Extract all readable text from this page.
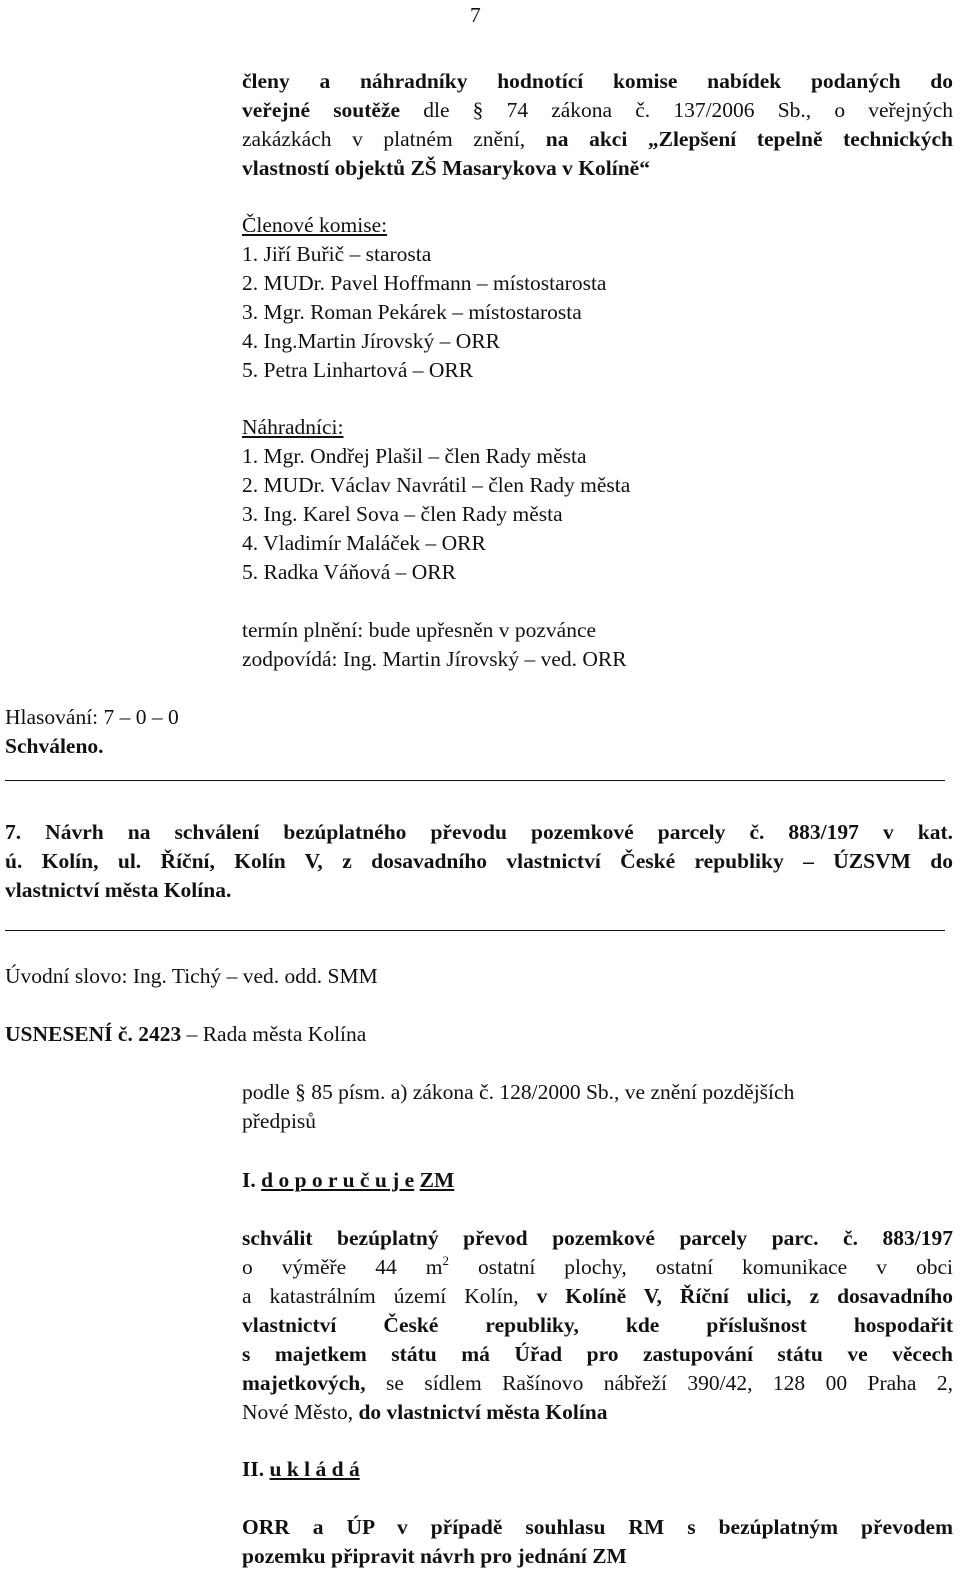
7

členy a náhradníky hodnotící komise nabídek podaných do

veřejné soutěže dle § 74 zákona č. 137/2006 Sb., o veřejných

zakázkách v platném znění, na akci „Zlepšení tepelně technických

vlastností objektů ZŠ Masarykova v Kolíně“

Členové komise:

1. Jiří Buřič – starosta

2. MUDr. Pavel Hoffmann – místostarosta

3. Mgr. Roman Pekárek – místostarosta

4. Ing.Martin Jírovský – ORR

5. Petra Linhartová – ORR

Náhradníci:

1. Mgr. Ondřej Plašil – člen Rady města

2. MUDr. Václav Navrátil – člen Rady města

3. Ing. Karel Sova – člen Rady města

4. Vladimír Maláček – ORR

5. Radka Váňová – ORR

termín plnění: bude upřesněn v pozvánce

zodpovídá: Ing. Martin Jírovský – ved. ORR

Hlasování: 7 – 0 – 0

Schváleno.

7. Návrh na schválení bezúplatného převodu pozemkové parcely č. 883/197 v kat.

ú. Kolín, ul. Říční, Kolín V, z dosavadního vlastnictví České republiky – ÚZSVM do

vlastnictví města Kolína.

Úvodní slovo: Ing. Tichý – ved. odd. SMM

USNESENÍ č. 2423 – Rada města Kolína

podle § 85 písm. a) zákona č. 128/2000 Sb., ve znění pozdějších

předpisů

I. d o p o r u č u j e ZM

schválit bezúplatný převod pozemkové parcely parc. č. 883/197

o výměře 44 $m^2$ ostatní plochy, ostatní komunikace v obci

a katastrálním území Kolín, v Kolíně V, Říční ulici, z dosavadního

vlastnictví České republiky, kde příslušnost hospodařit

s majetkem státu má Úřad pro zastupování státu ve věcech

majetkových, se sídlem Rašínovo nábřeží 390/42, 128 00 Praha 2,

Nové Město, do vlastnictví města Kolína

II. u k l á d á

ORR a ÚP v případě souhlasu RM s bezúplatným převodem

pozemku připravit návrh pro jednání ZM
